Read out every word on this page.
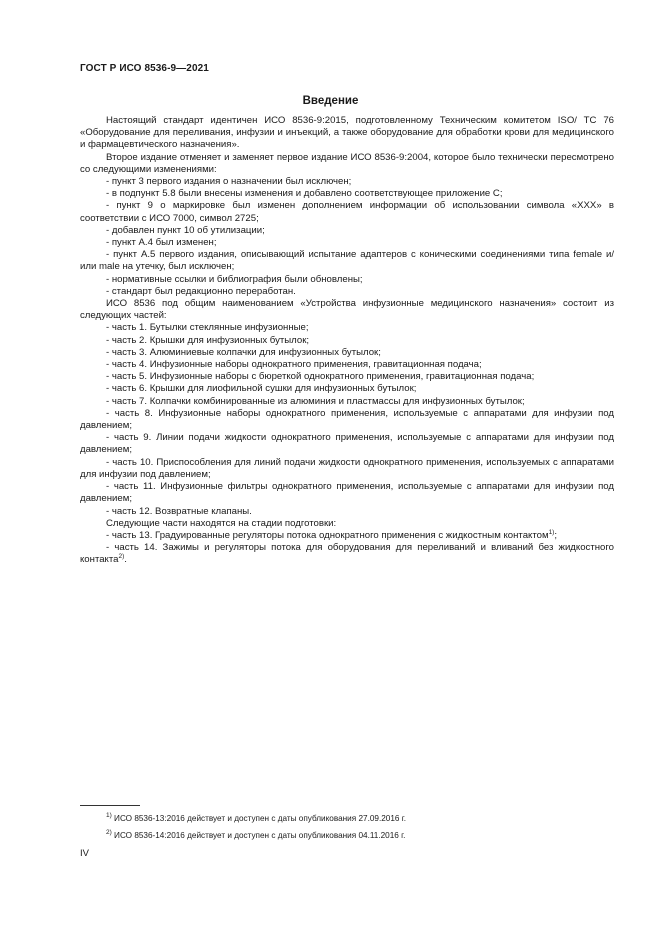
ГОСТ Р ИСО 8536-9—2021
Введение

Настоящий стандарт идентичен ИСО 8536-9:2015, подготовленному Техническим комитетом ISO/ TC 76 «Оборудование для переливания, инфузии и инъекций, а также оборудование для обработки крови для медицинского и фармацевтического назначения».

Второе издание отменяет и заменяет первое издание ИСО 8536-9:2004, которое было технически пересмотрено со следующими изменениями:

- пункт 3 первого издания о назначении был исключен;

- в подпункт 5.8 были внесены изменения и добавлено соответствующее приложение С;

- пункт 9 о маркировке был изменен дополнением информации об использовании символа «XXX» в соответствии с ИСО 7000, символ 2725;

- добавлен пункт 10 об утилизации;

- пункт А.4 был изменен;

- пункт А.5 первого издания, описывающий испытание адаптеров с коническими соединениями типа female и/или male на утечку, был исключен;

- нормативные ссылки и библиография были обновлены;

- стандарт был редакционно переработан.

ИСО 8536 под общим наименованием «Устройства инфузионные медицинского назначения» состоит из следующих частей:

- часть 1. Бутылки стеклянные инфузионные;

- часть 2. Крышки для инфузионных бутылок;

- часть 3. Алюминиевые колпачки для инфузионных бутылок;

- часть 4. Инфузионные наборы однократного применения, гравитационная подача;

- часть 5. Инфузионные наборы с бюреткой однократного применения, гравитационная подача;

- часть 6. Крышки для лиофильной сушки для инфузионных бутылок;

- часть 7. Колпачки комбинированные из алюминия и пластмассы для инфузионных бутылок;

- часть 8. Инфузионные наборы однократного применения, используемые с аппаратами для инфузии под давлением;

- часть 9. Линии подачи жидкости однократного применения, используемые с аппаратами для инфузии под давлением;

- часть 10. Приспособления для линий подачи жидкости однократного применения, используемых с аппаратами для инфузии под давлением;

- часть 11. Инфузионные фильтры однократного применения, используемые с аппаратами для инфузии под давлением;

- часть 12. Возвратные клапаны.

Следующие части находятся на стадии подготовки:

- часть 13. Градуированные регуляторы потока однократного применения с жидкостным контактом$^{1)}$;

- часть 14. Зажимы и регуляторы потока для оборудования для переливаний и вливаний без жидкостного контакта$^{2)}$.

$^{1)}$ ИСО 8536-13:2016 действует и доступен с даты опубликования 27.09.2016 г.

$^{2)}$ ИСО 8536-14:2016 действует и доступен с даты опубликования 04.11.2016 г.

IV
